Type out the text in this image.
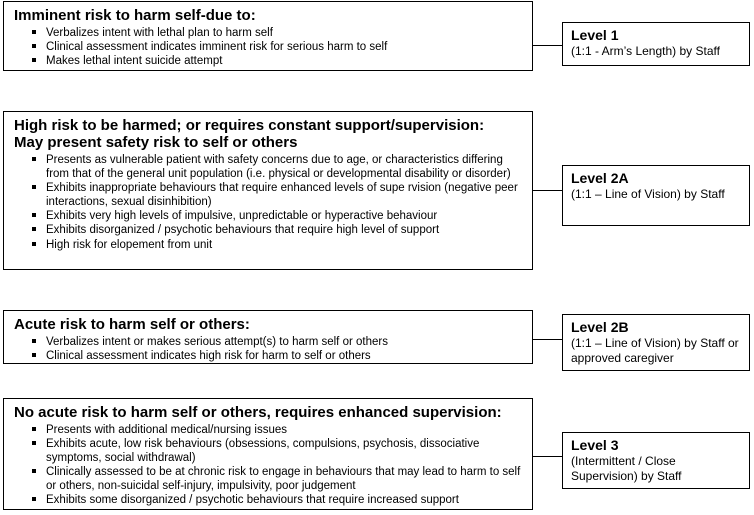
Imminent risk to harm self-due to:
Verbalizes intent with lethal plan to harm self
Clinical assessment indicates imminent risk for serious harm to self
Makes lethal intent suicide attempt
Level 1
(1:1 - Arm’s Length) by Staff
High risk to be harmed; or requires constant support/supervision:
May present safety risk to self or others
Presents as vulnerable patient with safety concerns due to age, or characteristics differing from that of the general unit population (i.e. physical or developmental disability or disorder)
Exhibits inappropriate behaviours that require enhanced levels of supe rvision (negative peer interactions, sexual disinhibition)
Exhibits very high levels of impulsive, unpredictable or hyperactive behaviour
Exhibits disorganized / psychotic behaviours that require high level of support
High risk for elopement from unit
Level 2A
(1:1 – Line of Vision) by Staff
Acute risk to harm self or others:
Verbalizes intent or makes serious attempt(s) to harm self or others
Clinical assessment indicates high risk for harm to self or others
Level 2B
(1:1 – Line of Vision) by Staff or approved caregiver
No acute risk to harm self or others, requires enhanced supervision:
Presents with additional medical/nursing issues
Exhibits acute, low risk behaviours (obsessions, compulsions, psychosis, dissociative symptoms, social withdrawal)
Clinically assessed to be at chronic risk to engage in behaviours that may lead to harm to self or others, non-suicidal self-injury, impulsivity, poor judgement
Exhibits some disorganized / psychotic behaviours that require increased support
Level 3
(Intermittent / Close Supervision) by Staff
